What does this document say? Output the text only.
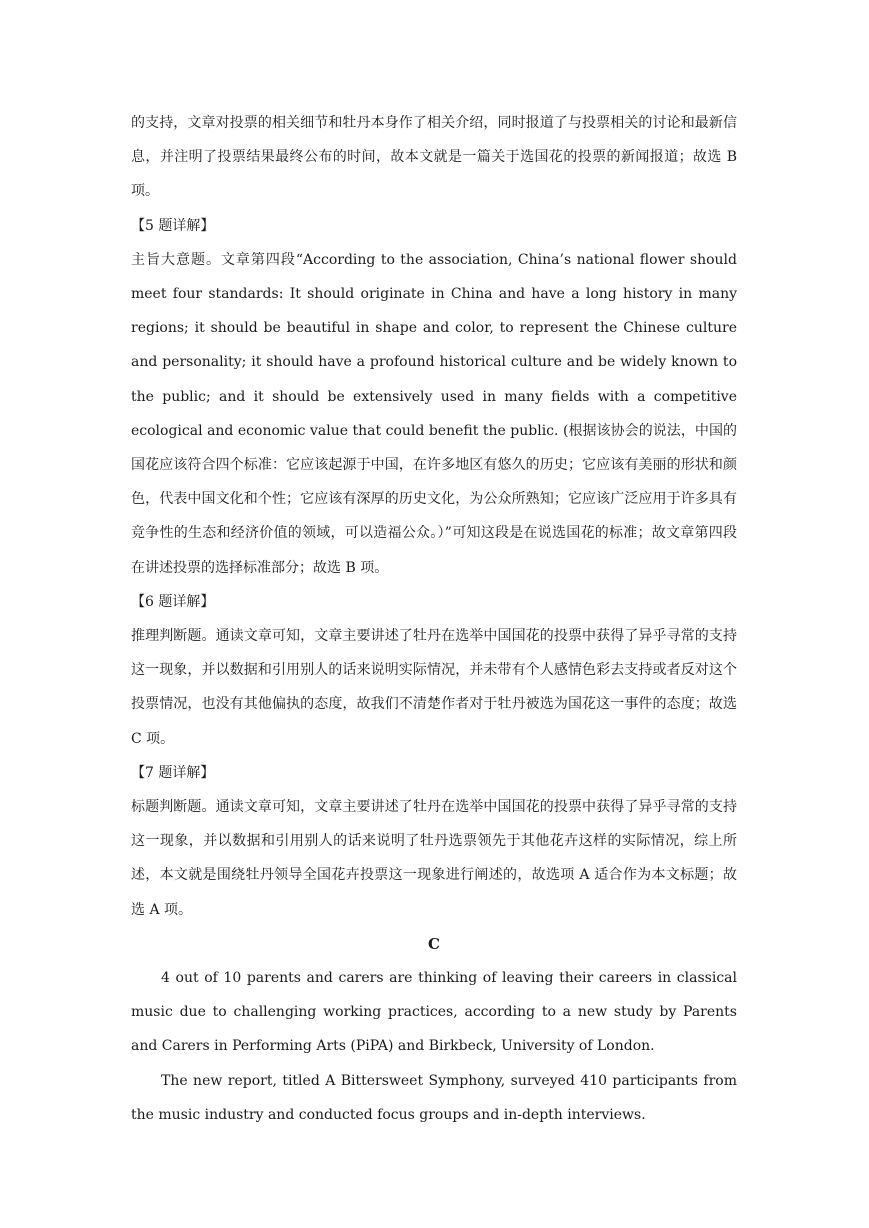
的支持，文章对投票的相关细节和牡丹本身作了相关介绍，同时报道了与投票相关的讨论和最新信息，并注明了投票结果最终公布的时间，故本文就是一篇关于选国花的投票的新闻报道；故选 B 项。

【5 题详解】

主旨大意题。文章第四段“According to the association, China’s national flower should meet four standards: It should originate in China and have a long history in many regions; it should be beautiful in shape and color, to represent the Chinese culture and personality; it should have a profound historical culture and be widely known to the public; and it should be extensively used in many fields with a competitive ecological and economic value that could benefit the public. (根据该协会的说法，中国的国花应该符合四个标准：它应该起源于中国，在许多地区有悠久的历史；它应该有美丽的形状和颜色，代表中国文化和个性；它应该有深厚的历史文化，为公众所熟知；它应该广泛应用于许多具有竞争性的生态和经济价值的领域，可以造福公众。）”可知这段是在说选国花的标准；故文章第四段在讲述投票的选择标准部分；故选 B 项。

【6 题详解】

推理判断题。通读文章可知，文章主要讲述了牡丹在选举中国国花的投票中获得了异乎寻常的支持这一现象，并以数据和引用别人的话来说明实际情况，并未带有个人感情色彩去支持或者反对这个投票情况，也没有其他偏执的态度，故我们不清楚作者对于牡丹被选为国花这一事件的态度；故选 C 项。

【7 题详解】

标题判断题。通读文章可知，文章主要讲述了牡丹在选举中国国花的投票中获得了异乎寻常的支持这一现象，并以数据和引用别人的话来说明了牡丹选票领先于其他花卉这样的实际情况，综上所述，本文就是围绕牡丹领导全国花卉投票这一现象进行阐述的，故选项 A 适合作为本文标题；故选 A 项。

C

4 out of 10 parents and carers are thinking of leaving their careers in classical music due to challenging working practices, according to a new study by Parents and Carers in Performing Arts (PiPA) and Birkbeck, University of London.

The new report, titled A Bittersweet Symphony, surveyed 410 participants from the music industry and conducted focus groups and in-depth interviews.
